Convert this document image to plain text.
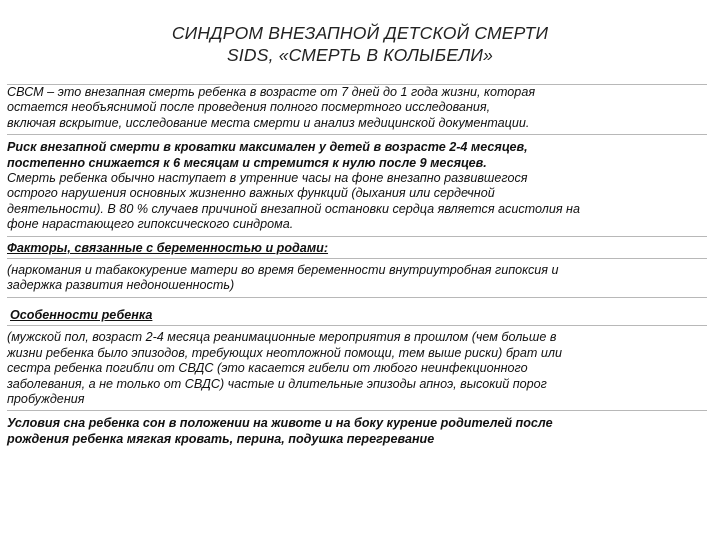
СИНДРОМ ВНЕЗАПНОЙ ДЕТСКОЙ СМЕРТИ
SIDS, «СМЕРТЬ В КОЛЫБЕЛИ»
СВСМ – это внезапная смерть ребенка в возрасте от 7 дней до 1 года жизни, которая
остается необъяснимой после проведения полного посмертного исследования,
включая вскрытие, исследование места смерти и анализ медицинской документации.
Риск внезапной смерти в кроватки максимален у детей в возрасте 2-4 месяцев,
постепенно снижается к 6 месяцам и стремится к нулю после 9 месяцев.
Смерть ребенка обычно наступает в утренние часы на фоне внезапно развившегося
острого нарушения основных жизненно важных функций (дыхания или сердечной
деятельности). В 80 % случаев причиной внезапной остановки сердца является асистолия на
фоне нарастающего гипоксического синдрома.
Факторы, связанные с беременностью и родами:
(наркомания и табакокурение матери во время беременности внутриутробная гипоксия и
задержка развития недоношенность)
Особенности ребенка
(мужской пол, возраст 2-4 месяца реанимационные мероприятия в прошлом (чем больше в
жизни ребенка было эпизодов, требующих неотложной помощи, тем выше риски) брат или
сестра ребенка погибли от СВДС (это касается гибели от любого неинфекционного
заболевания, а не только от СВДС) частые и длительные эпизоды апноэ, высокий порог
пробуждения
Условия сна ребенка сон в положении на животе и на боку курение родителей после
рождения ребенка мягкая кровать, перина, подушка перегревание
